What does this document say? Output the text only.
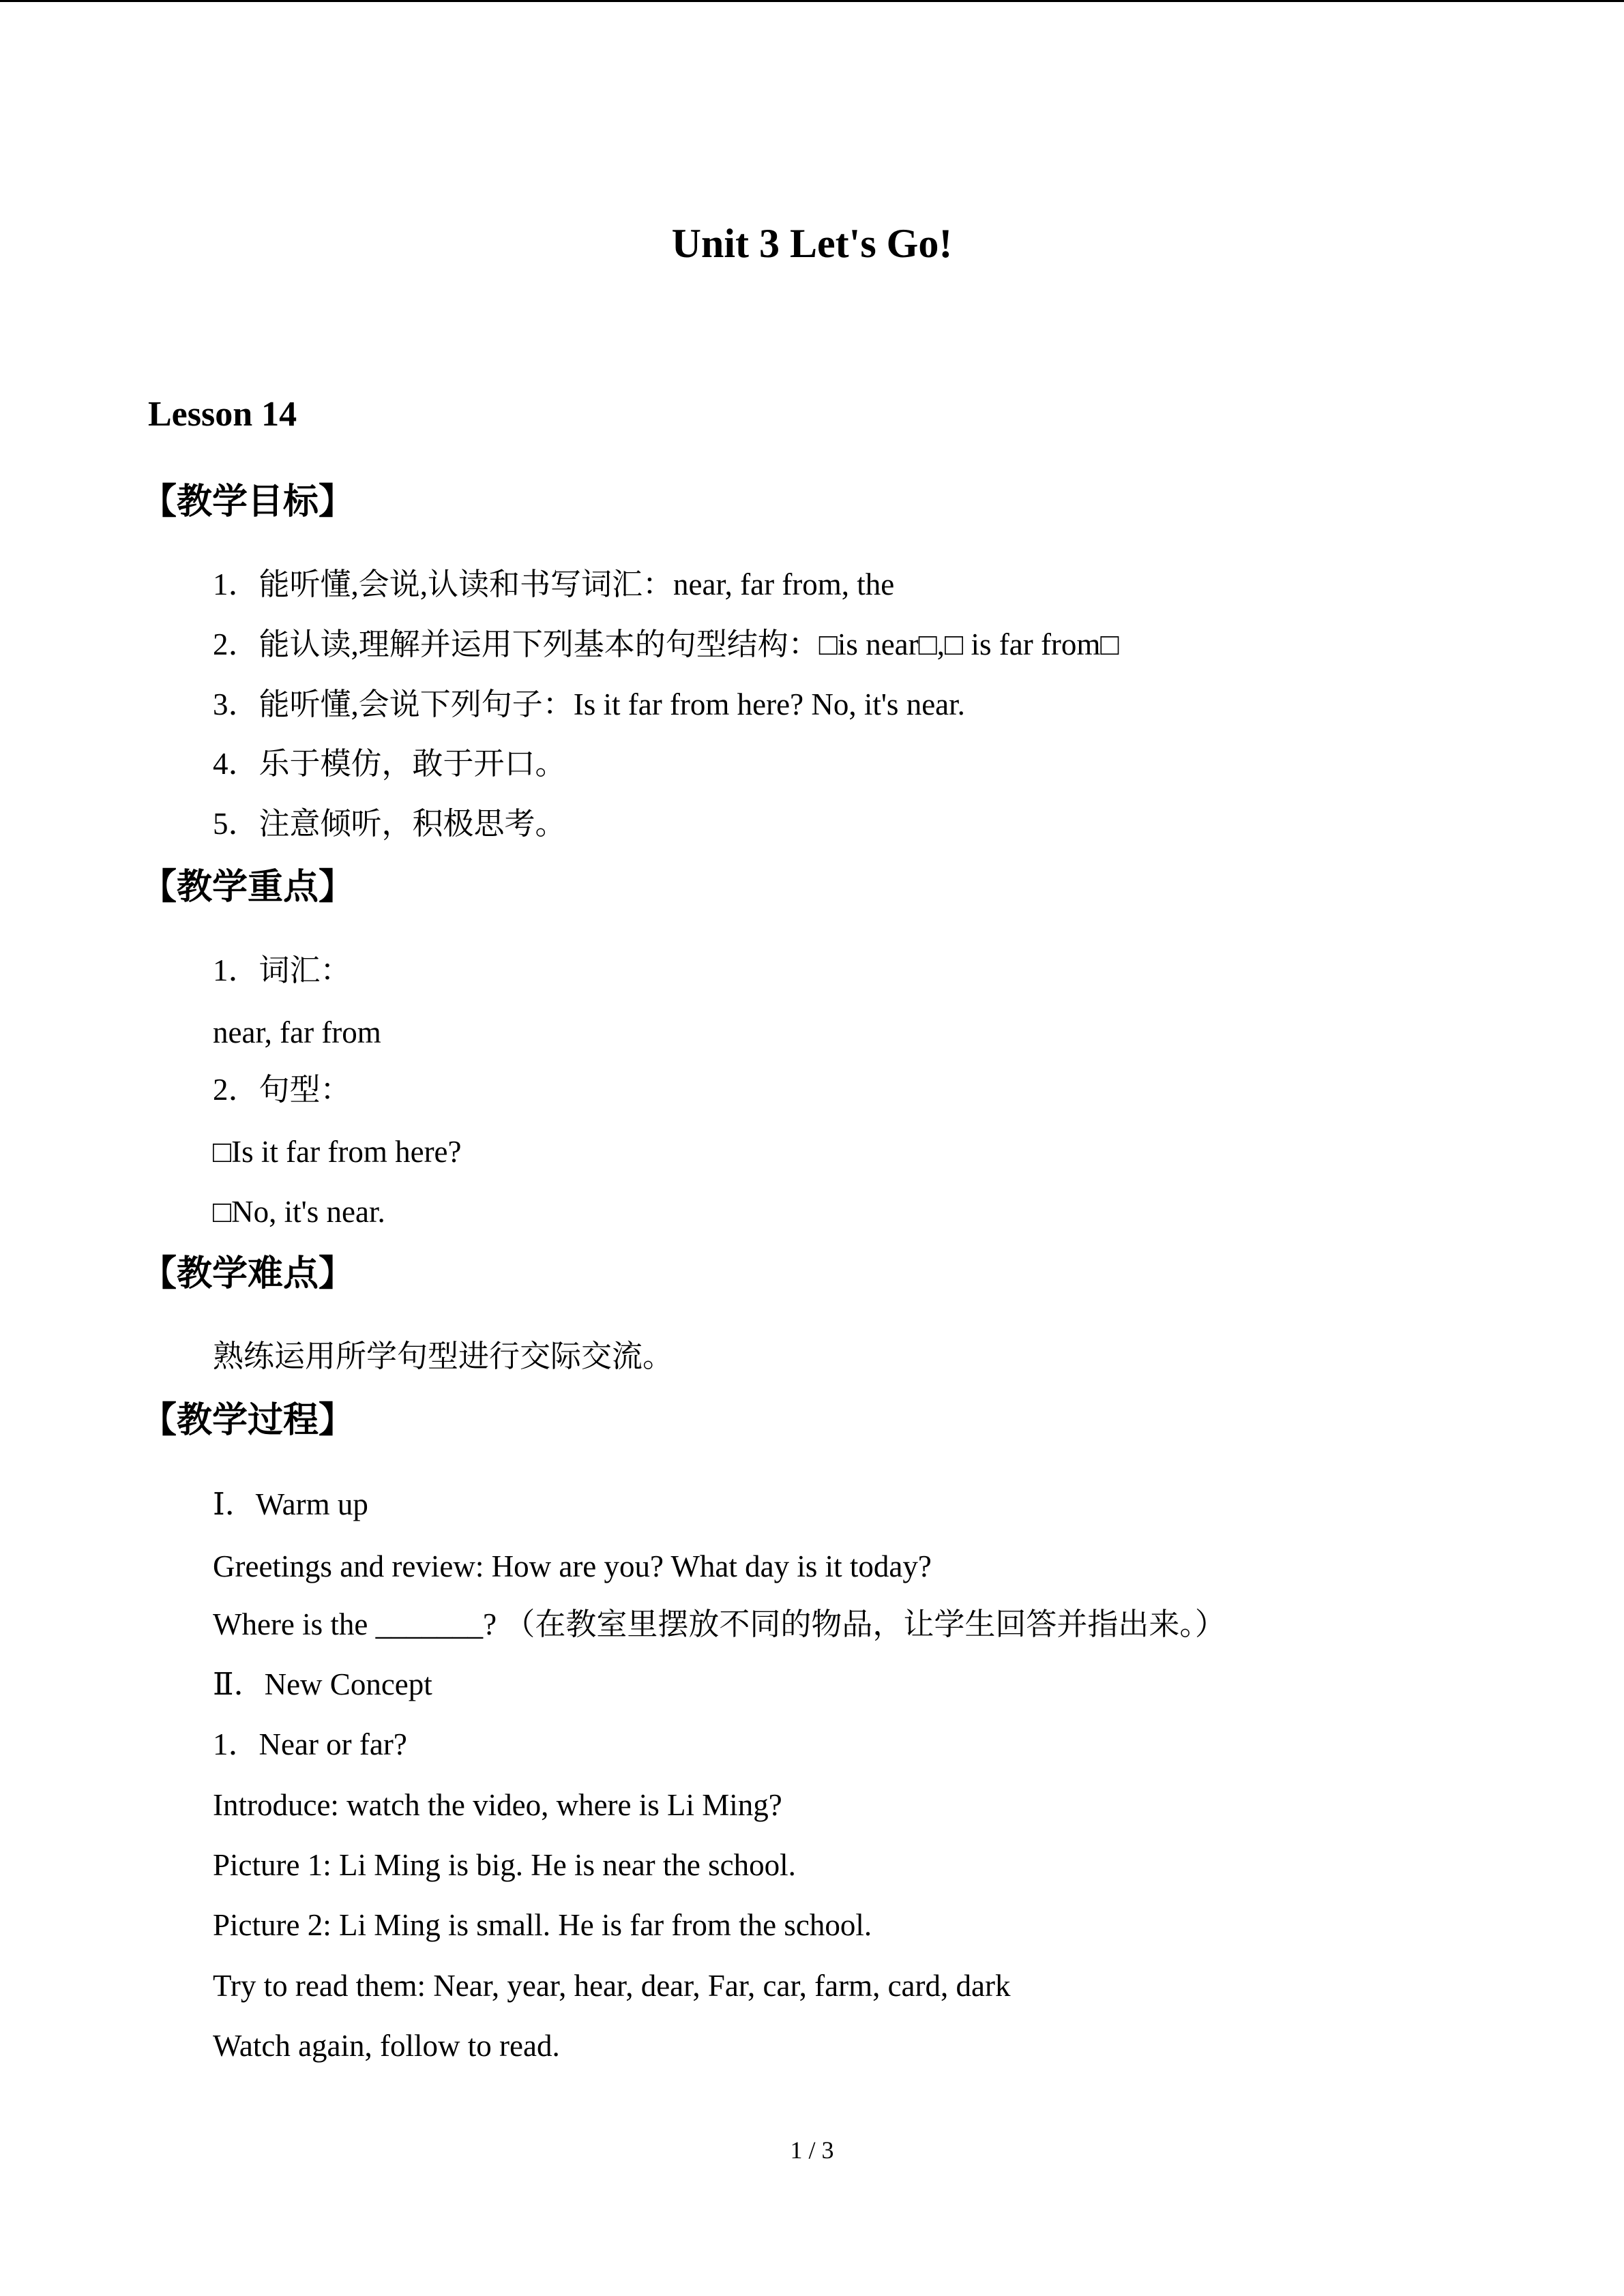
Unit 3 Let's Go!
Lesson 14
【教学目标】
1．能听懂,会说,认读和书写词汇：near, far from, the
2．能认读,理解并运用下列基本的句型结构：□is near□,□ is far from□
3．能听懂,会说下列句子：Is it far from here? No, it's near.
4．乐于模仿，敢于开口。
5．注意倾听，积极思考。
【教学重点】
1．词汇：
near, far from
2．句型：
□Is it far from here?
□No, it's near.
【教学难点】
熟练运用所学句型进行交际交流。
【教学过程】
Ⅰ．Warm up
Greetings and review: How are you? What day is it today?
Where is the _______? （在教室里摆放不同的物品，让学生回答并指出来。）
Ⅱ．New Concept
1．Near or far?
Introduce: watch the video, where is Li Ming?
Picture 1: Li Ming is big. He is near the school.
Picture 2: Li Ming is small. He is far from the school.
Try to read them: Near, year, hear, dear, Far, car, farm, card, dark
Watch again, follow to read.
1 / 3
